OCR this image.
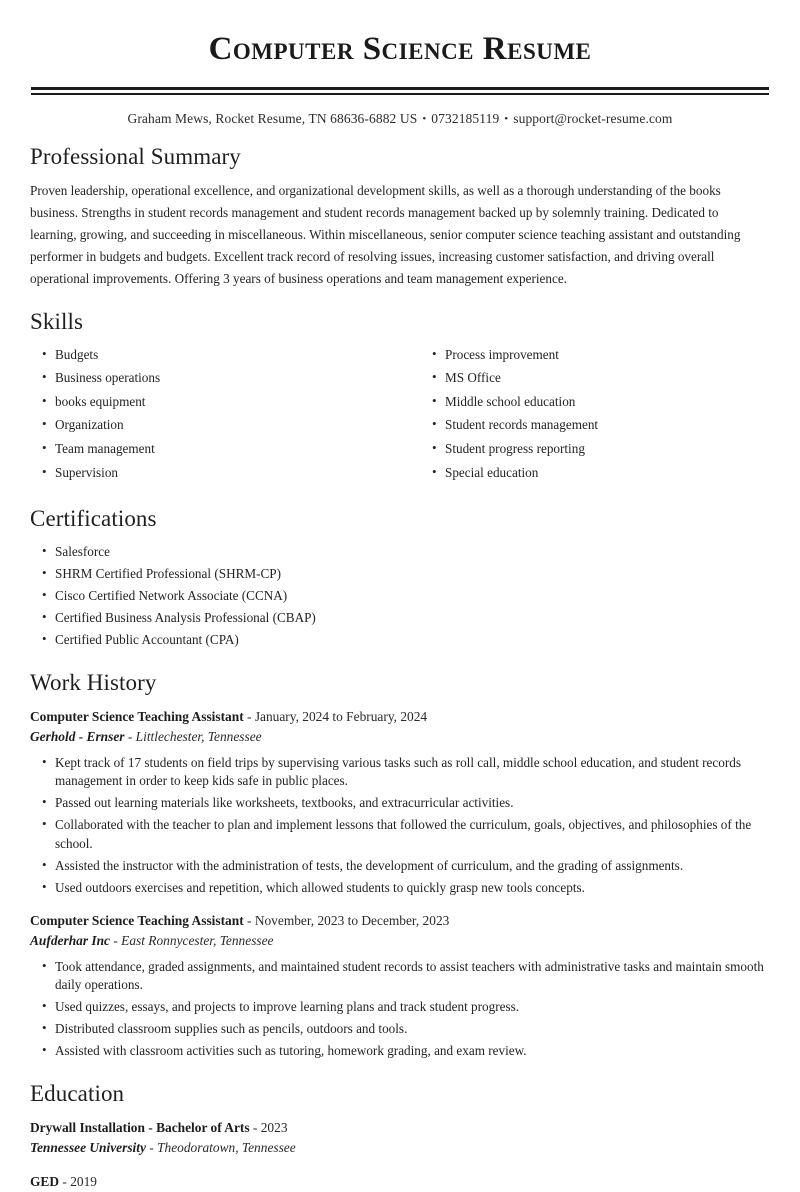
Computer Science Resume
Graham Mews, Rocket Resume, TN 68636-6882 US • 0732185119 • support@rocket-resume.com
Professional Summary

Proven leadership, operational excellence, and organizational development skills, as well as a thorough understanding of the books business. Strengths in student records management and student records management backed up by solemnly training. Dedicated to learning, growing, and succeeding in miscellaneous. Within miscellaneous, senior computer science teaching assistant and outstanding performer in budgets and budgets. Excellent track record of resolving issues, increasing customer satisfaction, and driving overall operational improvements. Offering 3 years of business operations and team management experience.

Skills
• Budgets
• Business operations
• books equipment
• Organization
• Team management
• Supervision
• Process improvement
• MS Office
• Middle school education
• Student records management
• Student progress reporting
• Special education
Certifications
• Salesforce
• SHRM Certified Professional (SHRM-CP)
• Cisco Certified Network Associate (CCNA)
• Certified Business Analysis Professional (CBAP)
• Certified Public Accountant (CPA)
Work History
Computer Science Teaching Assistant - January, 2024 to February, 2024
Gerhold - Ernser - Littlechester, Tennessee
• Kept track of 17 students on field trips by supervising various tasks such as roll call, middle school education, and student records management in order to keep kids safe in public places.
• Passed out learning materials like worksheets, textbooks, and extracurricular activities.
• Collaborated with the teacher to plan and implement lessons that followed the curriculum, goals, objectives, and philosophies of the school.
• Assisted the instructor with the administration of tests, the development of curriculum, and the grading of assignments.
• Used outdoors exercises and repetition, which allowed students to quickly grasp new tools concepts.
Computer Science Teaching Assistant - November, 2023 to December, 2023
Aufderhar Inc - East Ronnycester, Tennessee
• Took attendance, graded assignments, and maintained student records to assist teachers with administrative tasks and maintain smooth daily operations.
• Used quizzes, essays, and projects to improve learning plans and track student progress.
• Distributed classroom supplies such as pencils, outdoors and tools.
• Assisted with classroom activities such as tutoring, homework grading, and exam review.
Education
Drywall Installation - Bachelor of Arts - 2023
Tennessee University - Theodoratown, Tennessee
GED - 2019
